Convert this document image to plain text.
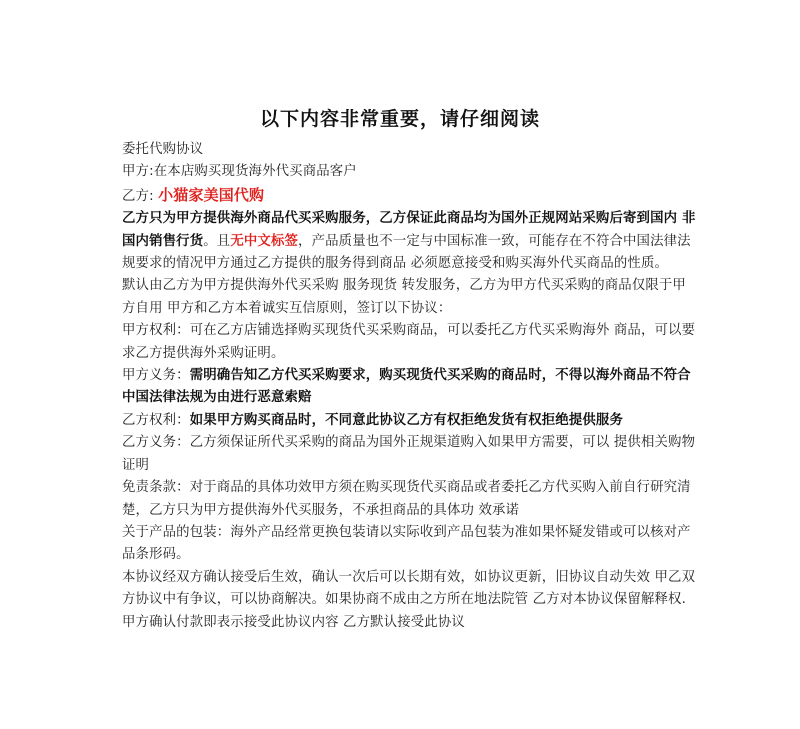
以下内容非常重要，请仔细阅读

委托代购协议

甲方:在本店购买现货海外代买商品客户

乙方: 小猫家美国代购

乙方只为甲方提供海外商品代买采购服务，乙方保证此商品均为国外正规网站采购后寄到国内 非国内销售行货。且无中文标签，产品质量也不一定与中国标准一致，可能存在不符合中国法律法规要求的情况甲方通过乙方提供的服务得到商品 必须愿意接受和购买海外代买商品的性质。

默认由乙方为甲方提供海外代买采购 服务现货 转发服务，乙方为甲方代买采购的商品仅限于甲方自用 甲方和乙方本着诚实互信原则，签订以下协议：

甲方权利：可在乙方店铺选择购买现货代买采购商品，可以委托乙方代买采购海外 商品，可以要求乙方提供海外采购证明。

甲方义务：需明确告知乙方代买采购要求，购买现货代买采购的商品时，不得以海外商品不符合中国法律法规为由进行恶意索赔

乙方权利：如果甲方购买商品时，不同意此协议乙方有权拒绝发货有权拒绝提供服务

乙方义务：乙方须保证所代买采购的商品为国外正规渠道购入如果甲方需要，可以 提供相关购物证明

免责条款：对于商品的具体功效甲方须在购买现货代买商品或者委托乙方代买购入前自行研究清楚，乙方只为甲方提供海外代买服务，不承担商品的具体功 效承诺

关于产品的包装：海外产品经常更换包装请以实际收到产品包装为准如果怀疑发错或可以核对产品条形码。

本协议经双方确认接受后生效，确认一次后可以长期有效，如协议更新，旧协议自动失效 甲乙双方协议中有争议，可以协商解决。如果协商不成由之方所在地法院管 乙方对本协议保留解释权.

甲方确认付款即表示接受此协议内容 乙方默认接受此协议
